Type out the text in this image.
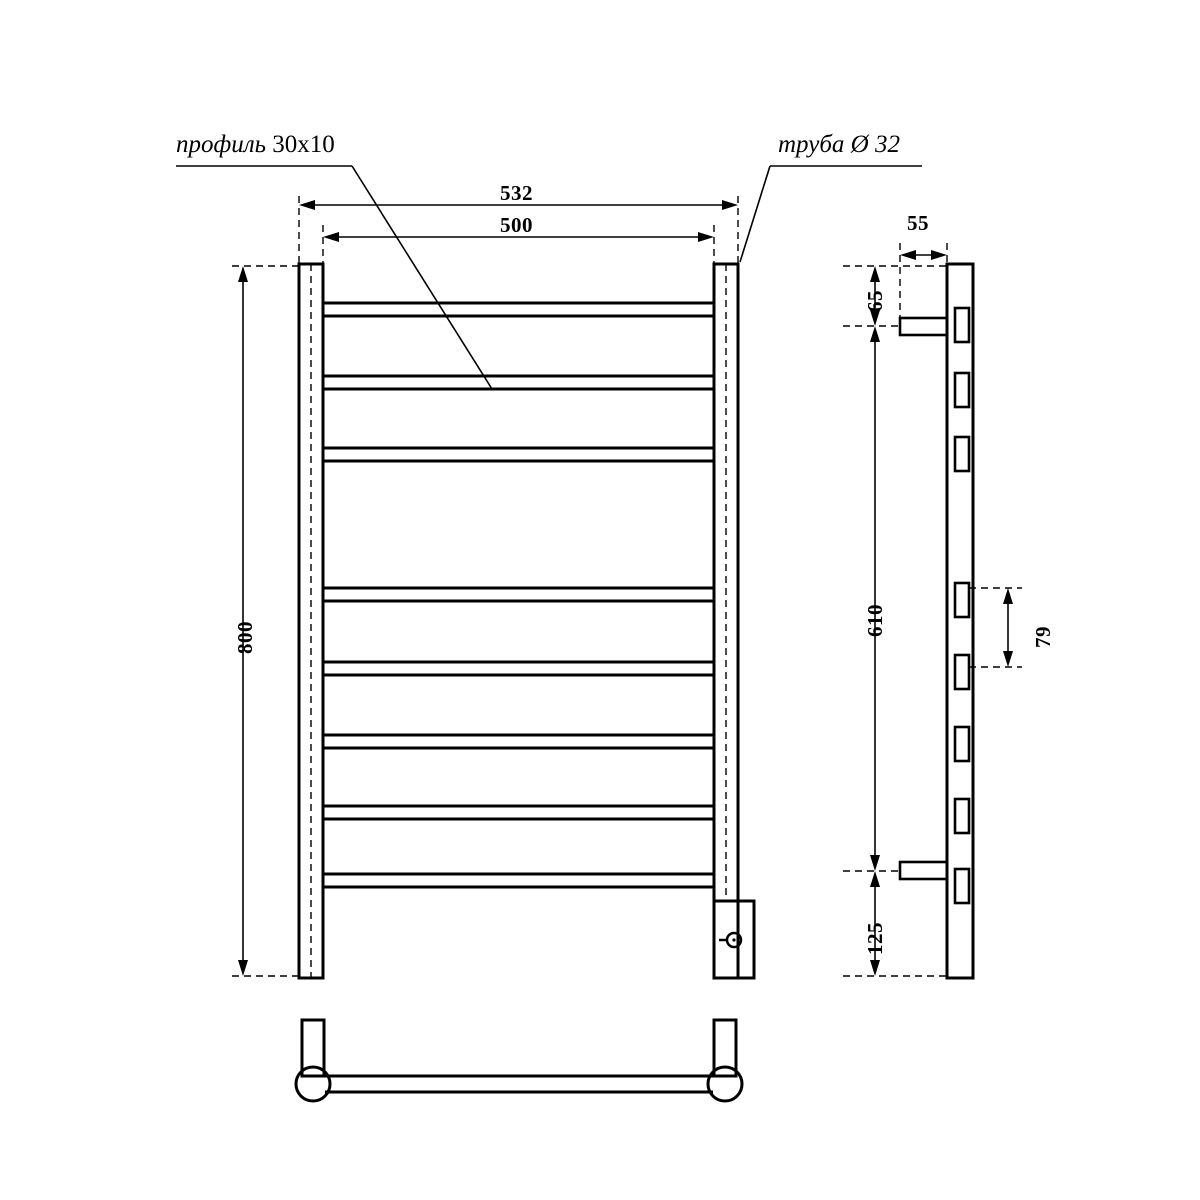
профиль 30x10	труба Ø 32
532
500
800
55
65
610	79
125
